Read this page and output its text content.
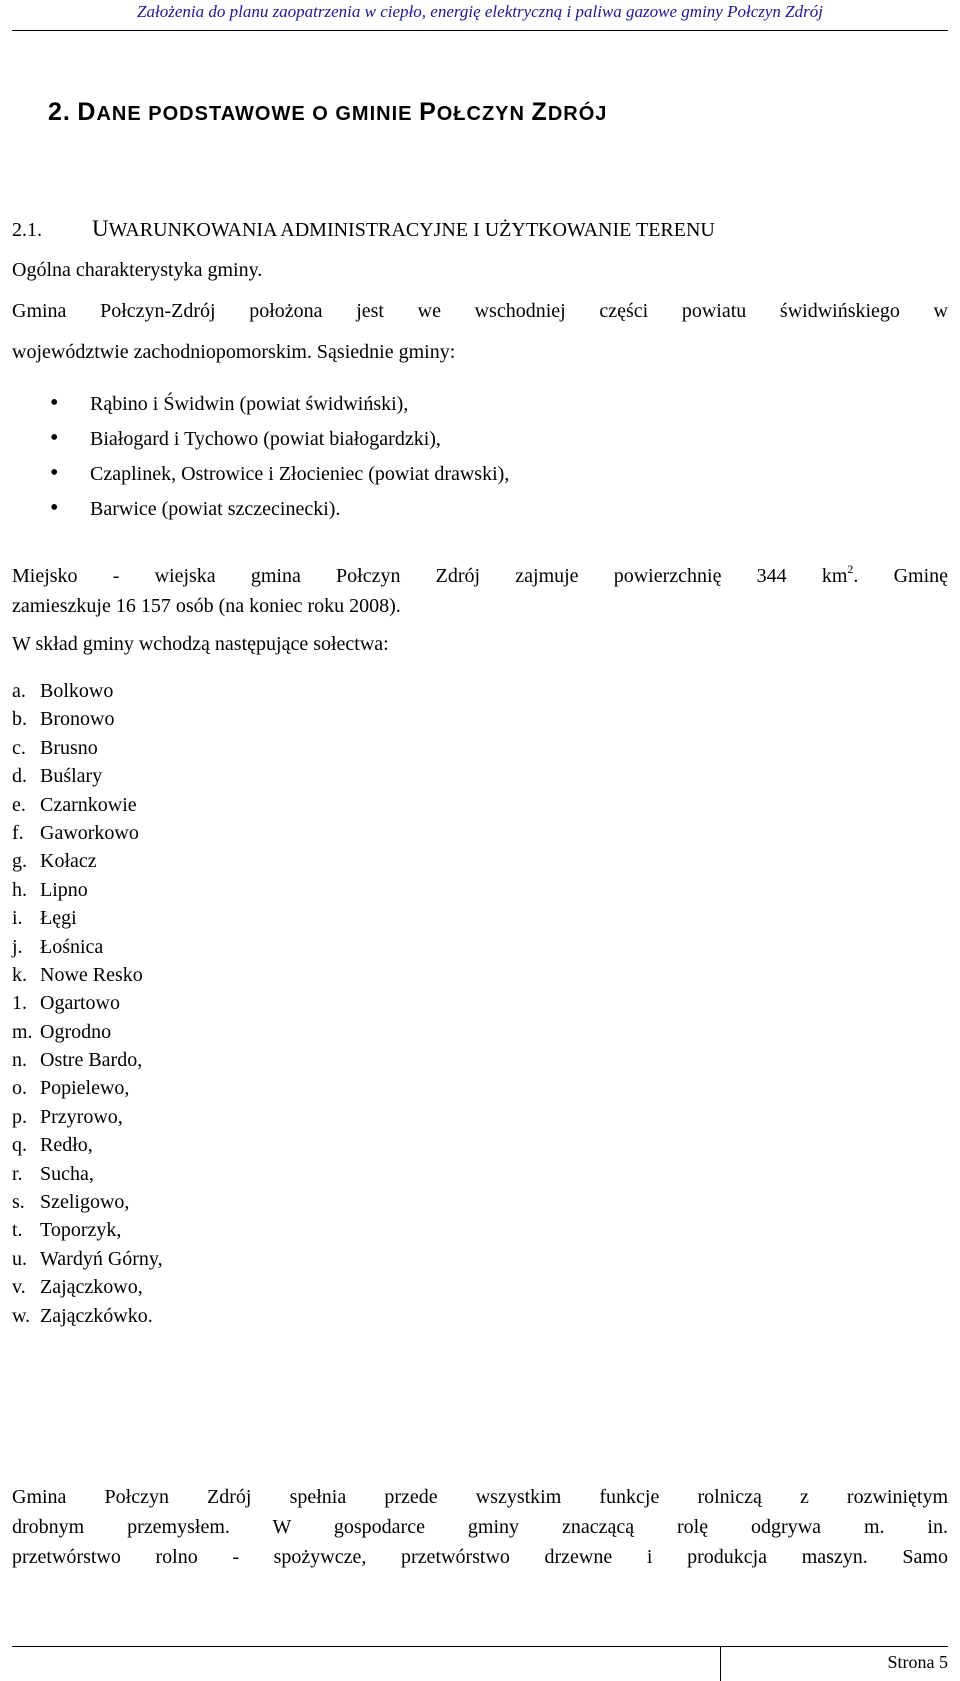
Założenia do planu zaopatrzenia w ciepło, energię elektryczną i paliwa gazowe gminy Połczyn Zdrój
2. DANE PODSTAWOWE O GMINIE POŁCZYN ZDRÓJ
2.1. UWARUNKOWANIA ADMINISTRACYJNE I UŻYTKOWANIE TERENU
Ogólna charakterystyka gminy.
Gmina Połczyn-Zdrój położona jest we wschodniej części powiatu świdwińskiego w
województwie zachodniopomorskim. Sąsiednie gminy:
•Rąbino i Świdwin (powiat świdwiński),
•Białogard i Tychowo (powiat białogardzki),
•Czaplinek, Ostrowice i Złocieniec (powiat drawski),
•Barwice (powiat szczecinecki).
Miejsko - wiejska gmina Połczyn Zdrój zajmuje powierzchnię 344 $km^2$. Gminę
zamieszkuje 16 157 osób (na koniec roku 2008).
W skład gminy wchodzą następujące sołectwa:
a. Bolkowo
b. Bronowo
c. Brusno
d. Buślary
e. Czarnkowie
f. Gaworkowo
g. Kołacz
h. Lipno
i. Łęgi
j. Łośnica
k. Nowe Resko
1. Ogartowo
m. Ogrodno
n. Ostre Bardo,
o. Popielewo,
p. Przyrowo,
q. Redło,
r. Sucha,
s. Szeligowo,
t. Toporzyk,
u. Wardyń Górny,
v. Zajączkowo,
w. Zajączkówko.
Gmina Połczyn Zdrój spełnia przede wszystkim funkcje rolniczą z rozwiniętym
drobnym przemysłem. W gospodarce gminy znaczącą rolę odgrywa m. in.
przetwórstwo rolno - spożywcze, przetwórstwo drzewne i produkcja maszyn. Samo
Strona 5
